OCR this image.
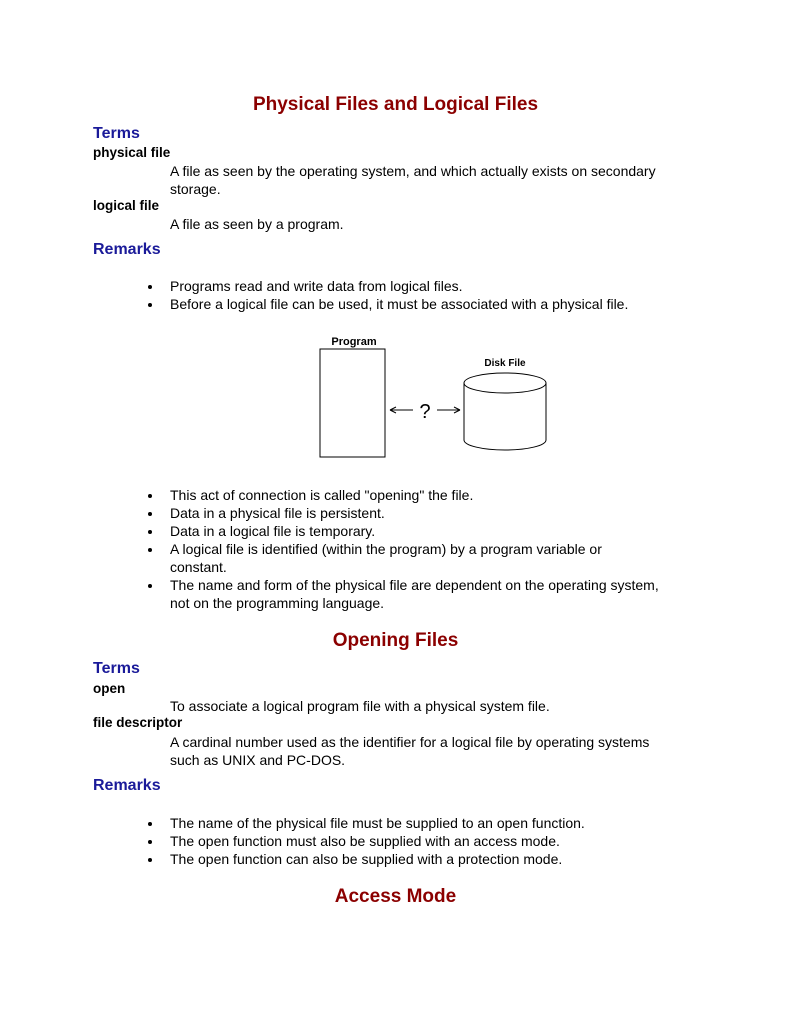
Physical Files and Logical Files
Terms
physical file
A file as seen by the operating system, and which actually exists on secondary storage.
logical file
A file as seen by a program.
Remarks
Programs read and write data from logical files.
Before a logical file can be used, it must be associated with a physical file.
Program
?
Disk File
This act of connection is called "opening" the file.
Data in a physical file is persistent.
Data in a logical file is temporary.
A logical file is identified (within the program) by a program variable or constant.
The name and form of the physical file are dependent on the operating system, not on the programming language.
Opening Files
Terms
open
To associate a logical program file with a physical system file.
file descriptor
A cardinal number used as the identifier for a logical file by operating systems such as UNIX and PC-DOS.
Remarks
The name of the physical file must be supplied to an open function.
The open function must also be supplied with an access mode.
The open function can also be supplied with a protection mode.
Access Mode
